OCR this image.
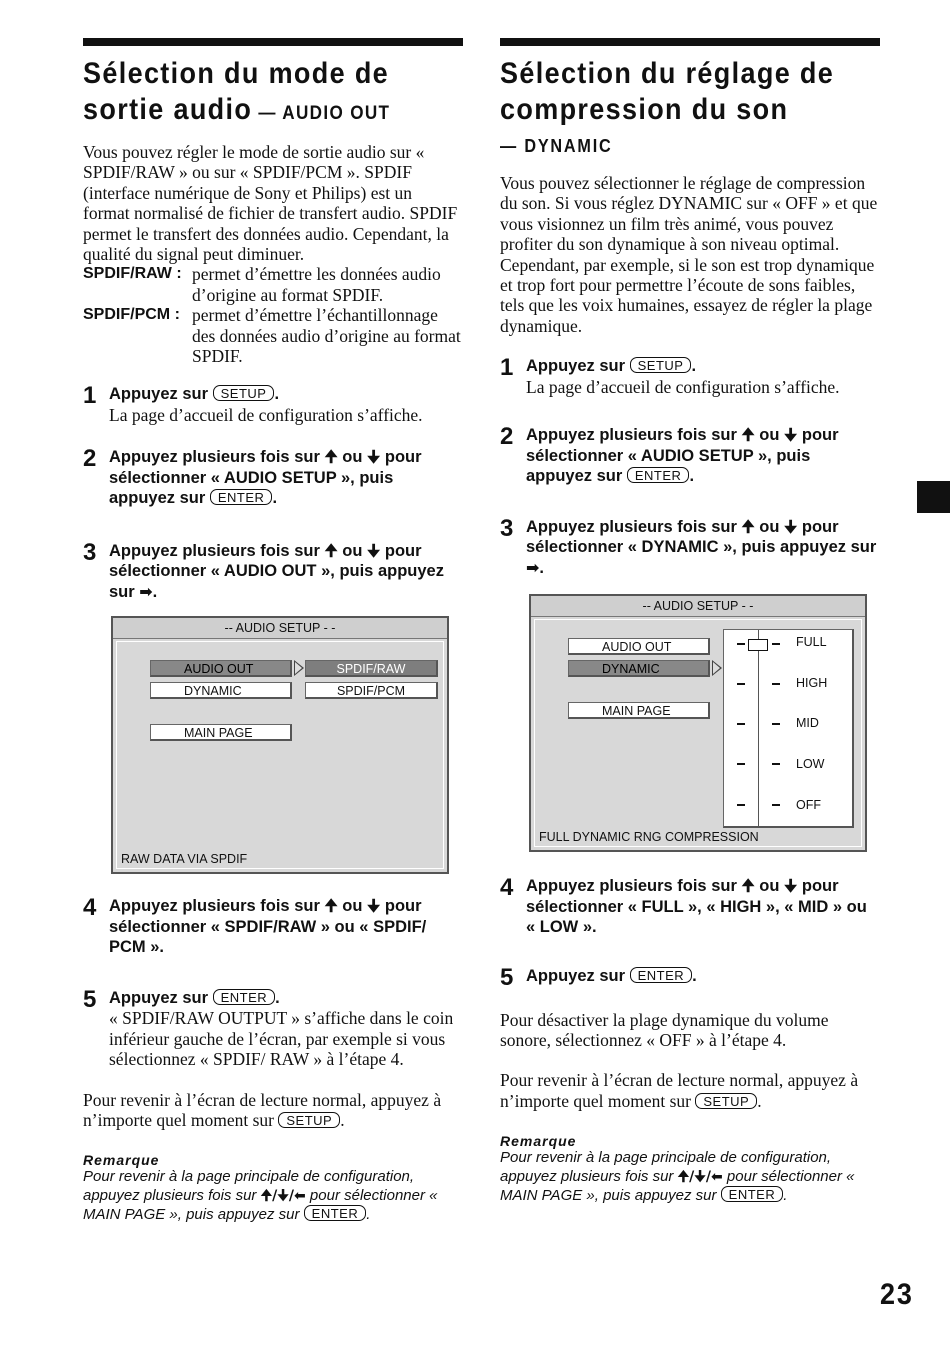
Sélection du mode de
sortie audio — AUDIO OUT

Vous pouvez régler le mode de sortie audio sur « SPDIF/RAW » ou sur « SPDIF/PCM ». SPDIF (interface numérique de Sony et Philips) est un format normalisé de fichier de transfert audio. SPDIF permet le transfert des données audio. Cependant, la qualité du signal peut diminuer.

SPDIF/RAW : permet d’émettre les données audio d’origine au format SPDIF.
SPDIF/PCM : permet d’émettre l’échantillonnage des données audio d’origine au format SPDIF.
1 Appuyez sur SETUP .

La page d’accueil de configuration s’affiche.

2 Appuyez plusieurs fois sur 🠉 ou 🠋 pour sélectionner « AUDIO SETUP », puis appuyez sur ENTER .
3 Appuyez plusieurs fois sur 🠉 ou 🠋 pour sélectionner « AUDIO OUT », puis appuyez sur ➡.
-- AUDIO SETUP - -
AUDIO OUT	SPDIF/RAW
DYNAMIC	SPDIF/PCM
MAIN PAGE
RAW DATA VIA SPDIF
4 Appuyez plusieurs fois sur 🠉 ou 🠋 pour sélectionner « SPDIF/RAW » ou « SPDIF/ PCM ».
5 Appuyez sur ENTER .

« SPDIF/RAW OUTPUT » s’affiche dans le coin inférieur gauche de l’écran, par exemple si vous sélectionnez « SPDIF/ RAW » à l’étape 4.

Pour revenir à l’écran de lecture normal, appuyez à n’importe quel moment sur SETUP .

Remarque
Pour revenir à la page principale de configuration, appuyez plusieurs fois sur 🠉/🠋/⬅ pour sélectionner « MAIN PAGE », puis appuyez sur ENTER .
Sélection du réglage de
compression du son
— DYNAMIC

Vous pouvez sélectionner le réglage de compression du son. Si vous réglez DYNAMIC sur « OFF » et que vous visionnez un film très animé, vous pouvez profiter du son dynamique à son niveau optimal. Cependant, par exemple, si le son est trop dynamique et trop fort pour permettre l’écoute de sons faibles, tels que les voix humaines, essayez de régler la plage dynamique.

1 Appuyez sur SETUP .

La page d’accueil de configuration s’affiche.

2 Appuyez plusieurs fois sur 🠉 ou 🠋 pour sélectionner « AUDIO SETUP », puis appuyez sur ENTER .
3 Appuyez plusieurs fois sur 🠉 ou 🠋 pour sélectionner « DYNAMIC », puis appuyez sur ➡.
-- AUDIO SETUP - -
AUDIO OUT
DYNAMIC
MAIN PAGE
FULL
HIGH
MID
LOW
OFF
FULL DYNAMIC RNG COMPRESSION
4 Appuyez plusieurs fois sur 🠉 ou 🠋 pour sélectionner « FULL », « HIGH », « MID » ou « LOW ».
5 Appuyez sur ENTER .

Pour désactiver la plage dynamique du volume sonore, sélectionnez « OFF » à l’étape 4.

Pour revenir à l’écran de lecture normal, appuyez à n’importe quel moment sur SETUP .

Remarque
Pour revenir à la page principale de configuration, appuyez plusieurs fois sur 🠉/🠋/⬅ pour sélectionner « MAIN PAGE », puis appuyez sur ENTER .
23
